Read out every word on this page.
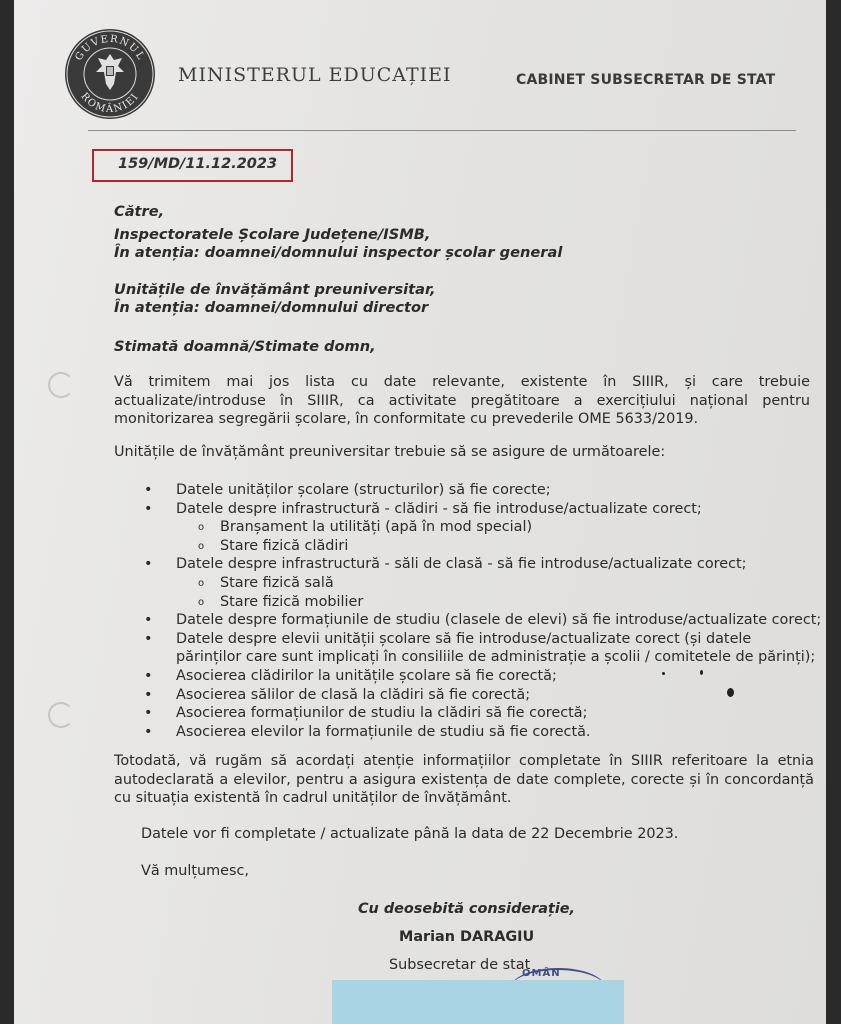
GUVERNUL
ROMÂNIEI
MINISTERUL EDUCAȚIEI	CABINET SUBSECRETAR DE STAT
159/MD/11.12.2023
Către,
Inspectoratele Școlare Județene/ISMB,
În atenția: doamnei/domnului inspector școlar general
Unitățile de învățământ preuniversitar,
În atenția: doamnei/domnului director
Stimată doamnă/Stimate domn,
Vă trimitem mai jos lista cu date relevante, existente în SIIIR, și care trebuie actualizate/introduse în SIIIR, ca activitate pregătitoare a exercițiului național pentru monitorizarea segregării școlare, în conformitate cu prevederile OME 5633/2019.
Unitățile de învățământ preuniversitar trebuie să se asigure de următoarele:
• Datele unităților școlare (structurilor) să fie corecte;
• Datele despre infrastructură - clădiri - să fie introduse/actualizate corect;
o Branșament la utilități (apă în mod special)
o Stare fizică clădiri
• Datele despre infrastructură - săli de clasă - să fie introduse/actualizate corect;
o Stare fizică sală
o Stare fizică mobilier
• Datele despre formațiunile de studiu (clasele de elevi) să fie introduse/actualizate corect;
• Datele despre elevii unității școlare să fie introduse/actualizate corect (și datele
părinților care sunt implicați în consiliile de administrație a școlii / comitetele de părinți);
• Asocierea clădirilor la unitățile școlare să fie corectă;
• Asocierea sălilor de clasă la clădiri să fie corectă;
• Asocierea formațiunilor de studiu la clădiri să fie corectă;
• Asocierea elevilor la formațiunile de studiu să fie corectă.
Totodată, vă rugăm să acordați atenție informațiilor completate în SIIIR referitoare la etnia autodeclarată a elevilor, pentru a asigura existența de date complete, corecte și în concordanță cu situația existentă în cadrul unităților de învățământ.
Datele vor fi completate / actualizate până la data de 22 Decembrie 2023.
Vă mulțumesc,
Cu deosebită considerație,
Marian DARAGIU
Subsecretar de stat
OMÂN
